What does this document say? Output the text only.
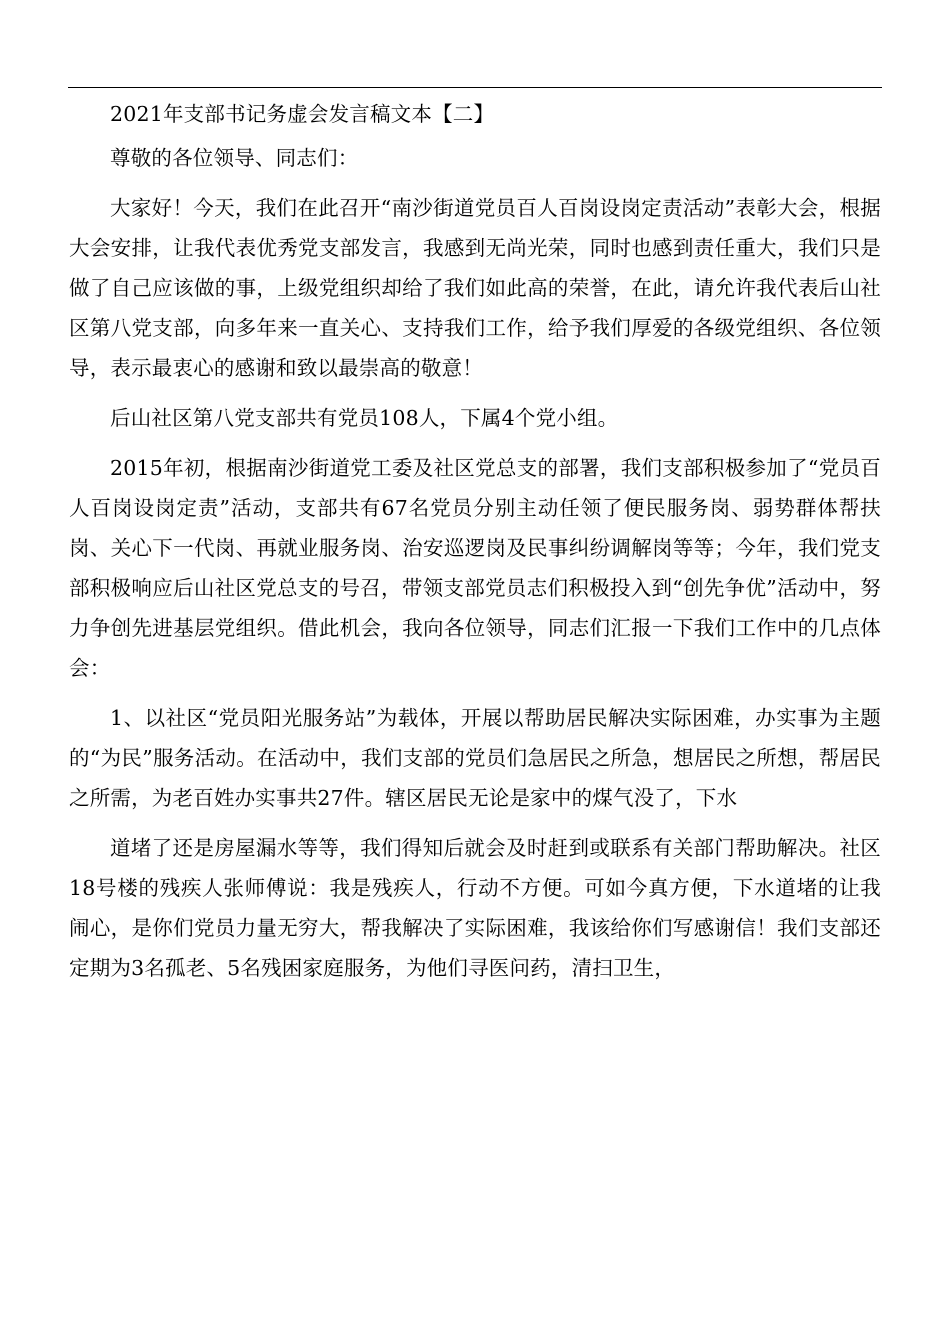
2021年支部书记务虚会发言稿文本【二】

尊敬的各位领导、同志们：

大家好！今天，我们在此召开“南沙街道党员百人百岗设岗定责活动”表彰大会，根据大会安排，让我代表优秀党支部发言，我感到无尚光荣，同时也感到责任重大，我们只是做了自己应该做的事，上级党组织却给了我们如此高的荣誉，在此，请允许我代表后山社区第八党支部，向多年来一直关心、支持我们工作，给予我们厚爱的各级党组织、各位领导，表示最衷心的感谢和致以最崇高的敬意！

后山社区第八党支部共有党员108人，下属4个党小组。

2015年初，根据南沙街道党工委及社区党总支的部署，我们支部积极参加了“党员百人百岗设岗定责”活动，支部共有67名党员分别主动任领了便民服务岗、弱势群体帮扶岗、关心下一代岗、再就业服务岗、治安巡逻岗及民事纠纷调解岗等等；今年，我们党支部积极响应后山社区党总支的号召，带领支部党员志们积极投入到“创先争优”活动中，努力争创先进基层党组织。借此机会，我向各位领导，同志们汇报一下我们工作中的几点体会：

1、以社区“党员阳光服务站”为载体，开展以帮助居民解决实际困难，办实事为主题的“为民”服务活动。在活动中，我们支部的党员们急居民之所急，想居民之所想，帮居民之所需，为老百姓办实事共27件。辖区居民无论是家中的煤气没了，下水

道堵了还是房屋漏水等等，我们得知后就会及时赶到或联系有关部门帮助解决。社区18号楼的残疾人张师傅说：我是残疾人，行动不方便。可如今真方便，下水道堵的让我闹心，是你们党员力量无穷大，帮我解决了实际困难，我该给你们写感谢信！我们支部还定期为3名孤老、5名残困家庭服务，为他们寻医问药，清扫卫生，
